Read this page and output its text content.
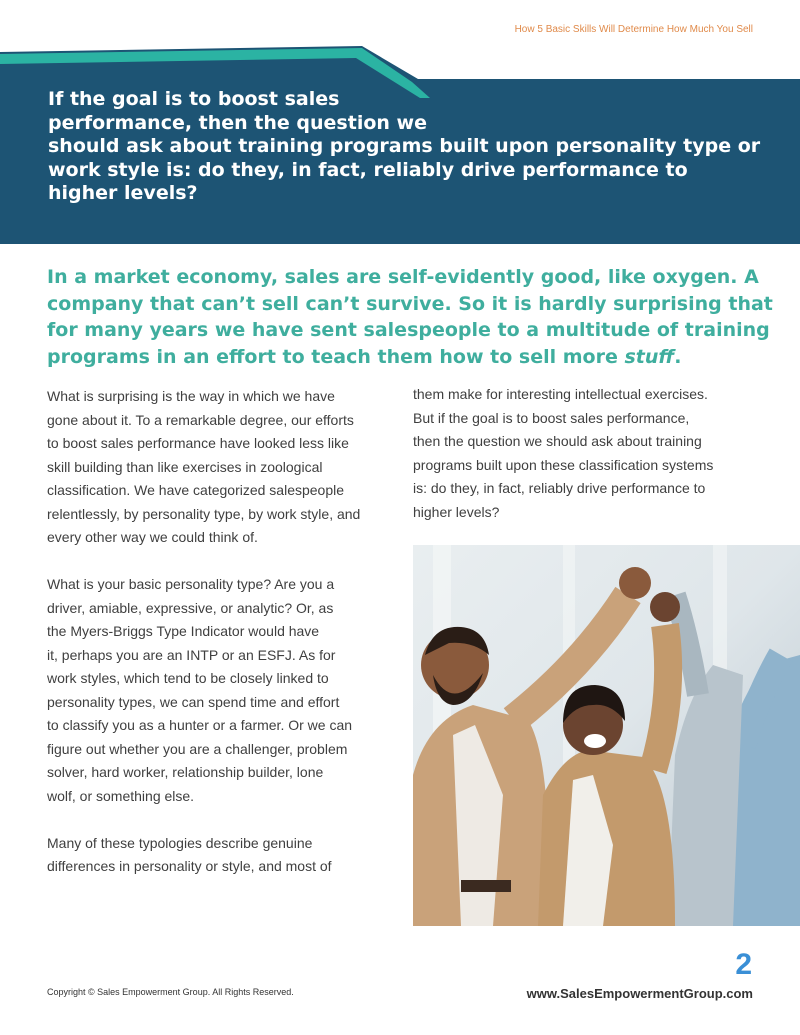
How 5 Basic Skills Will Determine How Much You Sell

If the goal is to boost sales
performance, then the question we
should ask about training programs built upon personality type or
work style is: do they, in fact, reliably drive performance to
higher levels?

In a market economy, sales are self-evidently good, like oxygen. A
company that can’t sell can’t survive. So it is hardly surprising that
for many years we have sent salespeople to a multitude of training
programs in an effort to teach them how to sell more stuff.

What is surprising is the way in which we have
gone about it. To a remarkable degree, our efforts
to boost sales performance have looked less like
skill building than like exercises in zoological
classification. We have categorized salespeople
relentlessly, by personality type, by work style, and
every other way we could think of.
What is your basic personality type? Are you a
driver, amiable, expressive, or analytic? Or, as
the Myers-Briggs Type Indicator would have
it, perhaps you are an INTP or an ESFJ. As for
work styles, which tend to be closely linked to
personality types, we can spend time and effort
to classify you as a hunter or a farmer. Or we can
figure out whether you are a challenger, problem
solver, hard worker, relationship builder, lone
wolf, or something else.
Many of these typologies describe genuine
differences in personality or style, and most of
them make for interesting intellectual exercises.
But if the goal is to boost sales performance,
then the question we should ask about training
programs built upon these classification systems
is: do they, in fact, reliably drive performance to
higher levels?
2
Copyright © Sales Empowerment Group. All Rights Reserved.	www.SalesEmpowermentGroup.com
